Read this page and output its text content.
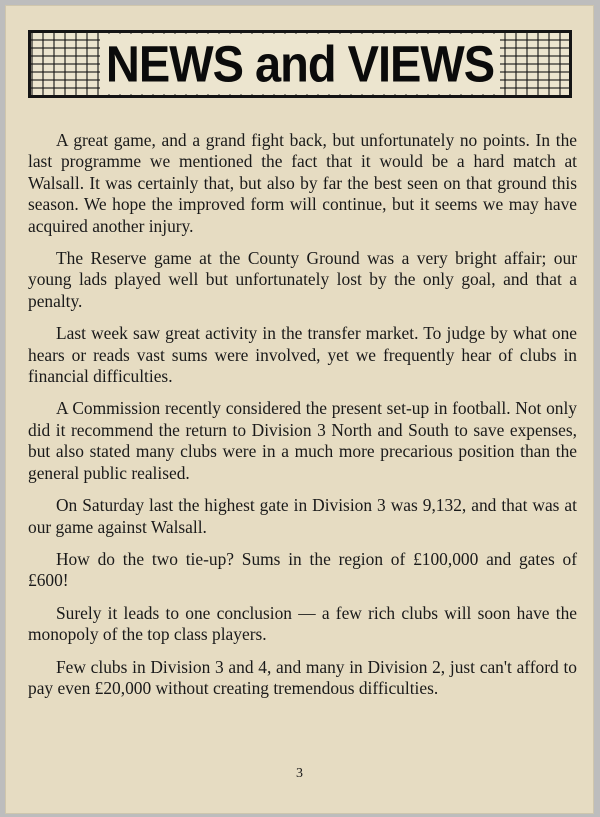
NEWS and VIEWS

A great game, and a grand fight back, but unfortunately no points. In the last programme we mentioned the fact that it would be a hard match at Walsall. It was certainly that, but also by far the best seen on that ground this season. We hope the improved form will continue, but it seems we may have acquired another injury.

The Reserve game at the County Ground was a very bright affair; our young lads played well but unfortunately lost by the only goal, and that a penalty.

Last week saw great activity in the transfer market. To judge by what one hears or reads vast sums were involved, yet we frequently hear of clubs in financial difficulties.

A Commission recently considered the present set-up in football. Not only did it recommend the return to Division 3 North and South to save expenses, but also stated many clubs were in a much more precarious position than the general public realised.

On Saturday last the highest gate in Division 3 was 9,132, and that was at our game against Walsall.

How do the two tie-up? Sums in the region of £100,000 and gates of £600!

Surely it leads to one conclusion — a few rich clubs will soon have the monopoly of the top class players.

Few clubs in Division 3 and 4, and many in Division 2, just can't afford to pay even £20,000 without creating tremendous difficulties.

3
